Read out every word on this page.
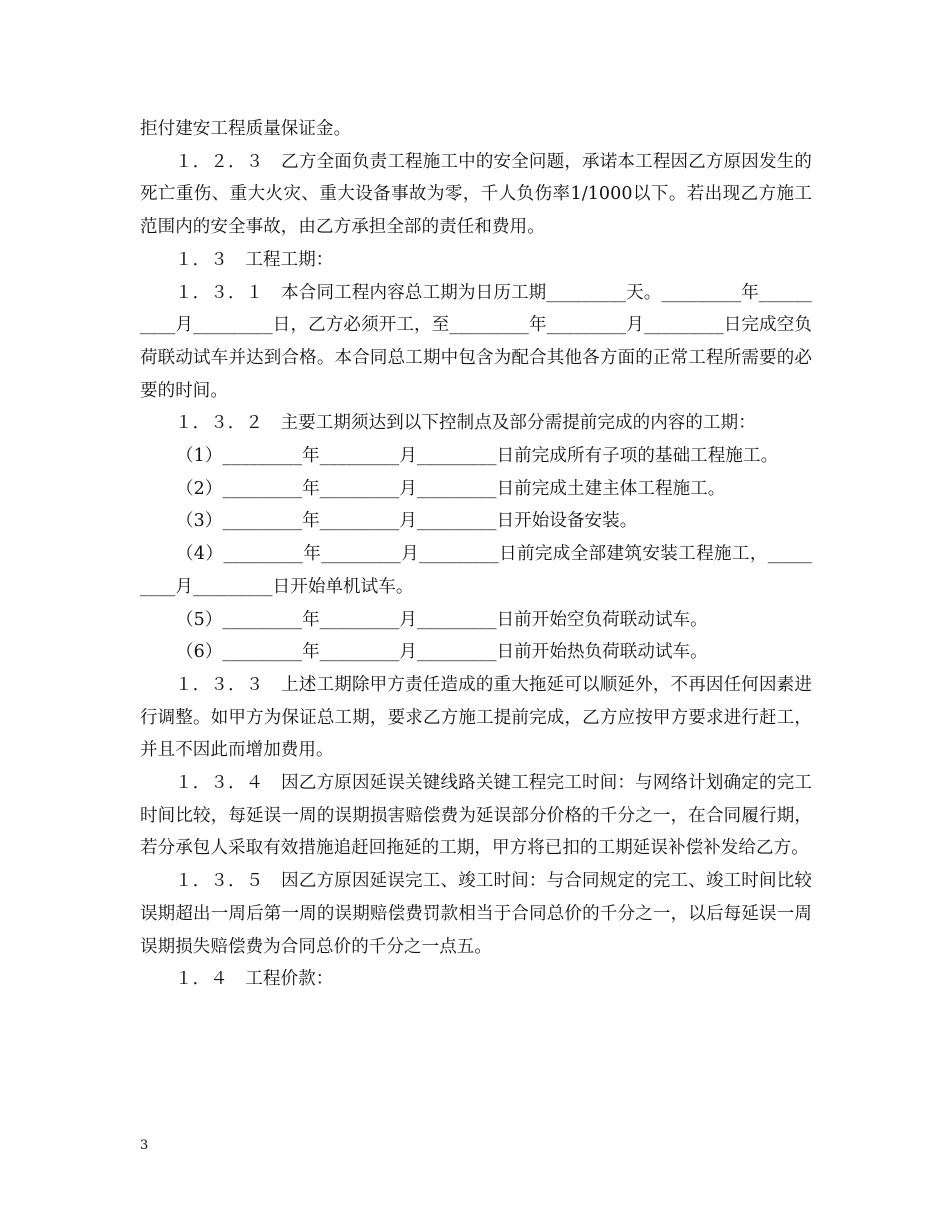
拒付建安工程质量保证金。

１．２．３　乙方全面负责工程施工中的安全问题，承诺本工程因乙方原因发生的死亡重伤、重大火灾、重大设备事故为零，千人负伤率1/1000以下。若出现乙方施工范围内的安全事故，由乙方承担全部的责任和费用。

１．３　工程工期：

１．３．１　本合同工程内容总工期为日历工期_________天。_________年__________月_________日，乙方必须开工，至_________年_________月_________日完成空负荷联动试车并达到合格。本合同总工期中包含为配合其他各方面的正常工程所需要的必要的时间。

１．３．２　主要工期须达到以下控制点及部分需提前完成的内容的工期：

（1）_________年_________月_________日前完成所有子项的基础工程施工。

（2）_________年_________月_________日前完成土建主体工程施工。

（3）_________年_________月_________日开始设备安装。

（4）_________年_________月_________日前完成全部建筑安装工程施工，_________月_________日开始单机试车。

（5）_________年_________月_________日前开始空负荷联动试车。

（6）_________年_________月_________日前开始热负荷联动试车。

１．３．３　上述工期除甲方责任造成的重大拖延可以顺延外，不再因任何因素进行调整。如甲方为保证总工期，要求乙方施工提前完成，乙方应按甲方要求进行赶工，并且不因此而增加费用。

１．３．４　因乙方原因延误关键线路关键工程完工时间：与网络计划确定的完工时间比较，每延误一周的误期损害赔偿费为延误部分价格的千分之一，在合同履行期，若分承包人采取有效措施追赶回拖延的工期，甲方将已扣的工期延误补偿补发给乙方。

１．３．５　因乙方原因延误完工、竣工时间：与合同规定的完工、竣工时间比较误期超出一周后第一周的误期赔偿费罚款相当于合同总价的千分之一，以后每延误一周误期损失赔偿费为合同总价的千分之一点五。

１．４　工程价款：

3
